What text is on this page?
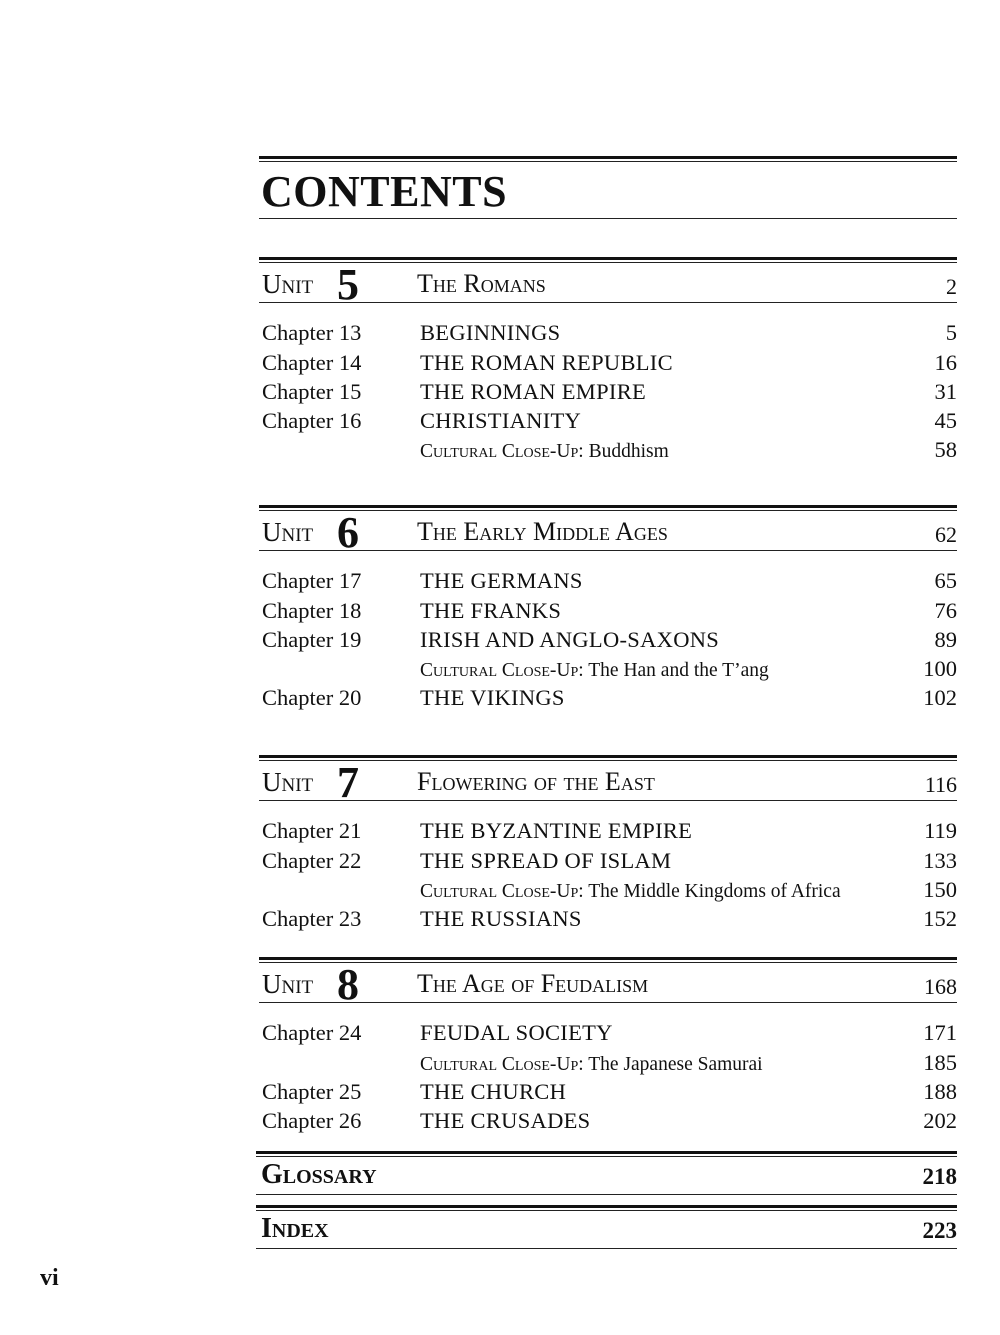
CONTENTS
Unit 5	The Romans	2
Chapter 13	BEGINNINGS	5
Chapter 14	THE ROMAN REPUBLIC	16
Chapter 15	THE ROMAN EMPIRE	31
Chapter 16	CHRISTIANITY	45
Cultural Close-Up: Buddhism	58
Unit 6	The Early Middle Ages	62
Chapter 17	THE GERMANS	65
Chapter 18	THE FRANKS	76
Chapter 19	IRISH AND ANGLO-SAXONS	89
Cultural Close-Up: The Han and the T’ang	100
Chapter 20	THE VIKINGS	102
Unit 7	Flowering of the East	116
Chapter 21	THE BYZANTINE EMPIRE	119
Chapter 22	THE SPREAD OF ISLAM	133
Cultural Close-Up: The Middle Kingdoms of Africa	150
Chapter 23	THE RUSSIANS	152
Unit 8	The Age of Feudalism	168
Chapter 24	FEUDAL SOCIETY	171
Cultural Close-Up: The Japanese Samurai	185
Chapter 25	THE CHURCH	188
Chapter 26	THE CRUSADES	202
Glossary	218
Index	223
vi
